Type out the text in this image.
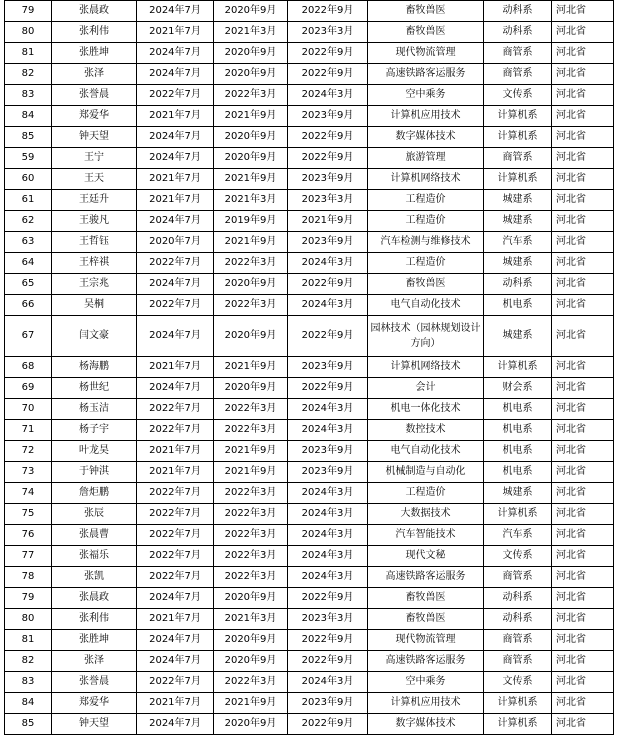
79	张晨政	2024年7月	2020年9月	2022年9月	畜牧兽医	动科系	河北省
80	张利伟	2021年7月	2021年3月	2023年3月	畜牧兽医	动科系	河北省
81	张胜坤	2024年7月	2020年9月	2022年9月	现代物流管理	商管系	河北省
82	张泽	2024年7月	2020年9月	2022年9月	高速铁路客运服务	商管系	河北省
83	张誉晨	2022年7月	2022年3月	2024年3月	空中乘务	文传系	河北省
84	郑爱华	2021年7月	2021年9月	2023年9月	计算机应用技术	计算机系	河北省
85	钟天望	2024年7月	2020年9月	2022年9月	数字媒体技术	计算机系	河北省
59	王宁	2024年7月	2020年9月	2022年9月	旅游管理	商管系	河北省
60	王天	2021年7月	2021年9月	2023年9月	计算机网络技术	计算机系	河北省
61	王廷升	2021年7月	2021年3月	2023年3月	工程造价	城建系	河北省
62	王骏凡	2024年7月	2019年9月	2021年9月	工程造价	城建系	河北省
63	王哲钰	2020年7月	2021年9月	2023年9月	汽车检测与维修技术	汽车系	河北省
64	王梓祺	2022年7月	2022年3月	2024年3月	工程造价	城建系	河北省
65	王宗兆	2024年7月	2020年9月	2022年9月	畜牧兽医	动科系	河北省
66	吴桐	2022年7月	2022年3月	2024年3月	电气自动化技术	机电系	河北省
67	闫文豪	2024年7月	2020年9月	2022年9月	园林技术（园林规划设计方向）	城建系	河北省
68	杨海鹏	2021年7月	2021年9月	2023年9月	计算机网络技术	计算机系	河北省
69	杨世纪	2024年7月	2020年9月	2022年9月	会计	财会系	河北省
70	杨玉洁	2022年7月	2022年3月	2024年3月	机电一体化技术	机电系	河北省
71	杨子宇	2022年7月	2022年3月	2024年3月	数控技术	机电系	河北省
72	叶龙昊	2021年7月	2021年9月	2023年9月	电气自动化技术	机电系	河北省
73	于钟淇	2021年7月	2021年9月	2023年9月	机械制造与自动化	机电系	河北省
74	詹炬鹏	2022年7月	2022年3月	2024年3月	工程造价	城建系	河北省
75	张辰	2022年7月	2022年3月	2024年3月	大数据技术	计算机系	河北省
76	张晨曹	2022年7月	2022年3月	2024年3月	汽车智能技术	汽车系	河北省
77	张福乐	2022年7月	2022年3月	2024年3月	现代文秘	文传系	河北省
78	张凯	2022年7月	2022年3月	2024年3月	高速铁路客运服务	商管系	河北省
79	张晨政	2024年7月	2020年9月	2022年9月	畜牧兽医	动科系	河北省
80	张利伟	2021年7月	2021年3月	2023年3月	畜牧兽医	动科系	河北省
81	张胜坤	2024年7月	2020年9月	2022年9月	现代物流管理	商管系	河北省
82	张泽	2024年7月	2020年9月	2022年9月	高速铁路客运服务	商管系	河北省
83	张誉晨	2022年7月	2022年3月	2024年3月	空中乘务	文传系	河北省
84	郑爱华	2021年7月	2021年9月	2023年9月	计算机应用技术	计算机系	河北省
85	钟天望	2024年7月	2020年9月	2022年9月	数字媒体技术	计算机系	河北省
